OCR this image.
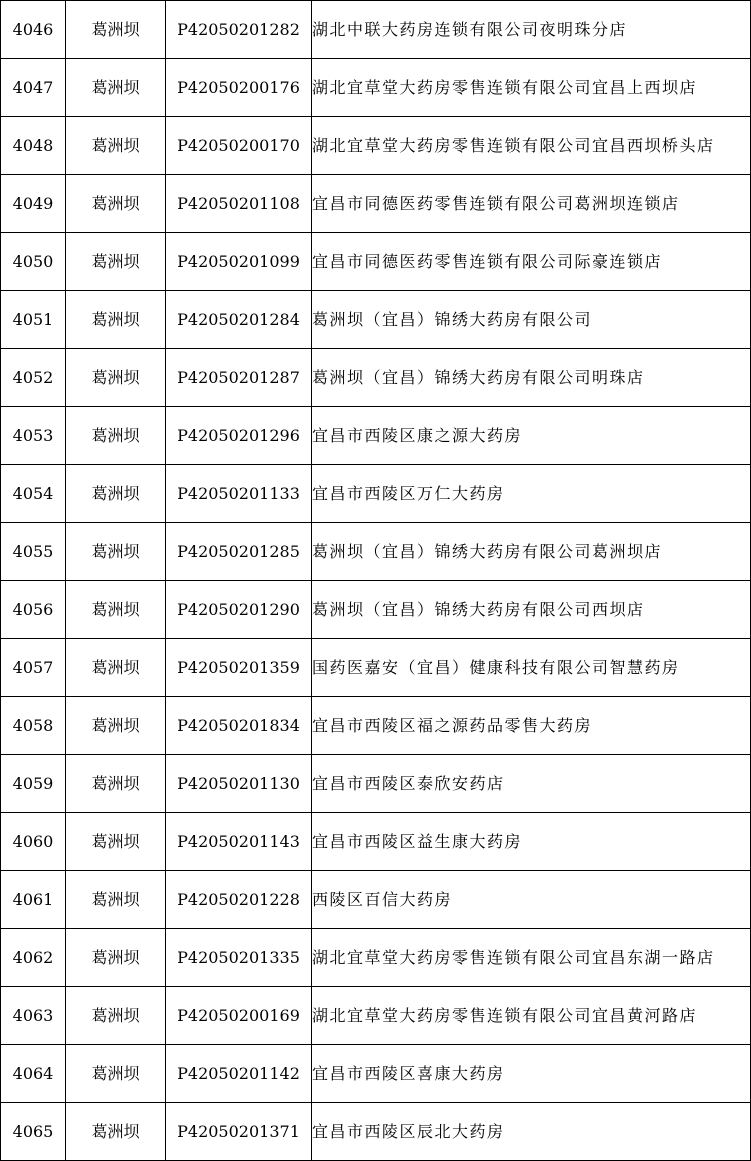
4046	葛洲坝	P42050201282	湖北中联大药房连锁有限公司夜明珠分店
4047	葛洲坝	P42050200176	湖北宜草堂大药房零售连锁有限公司宜昌上西坝店
4048	葛洲坝	P42050200170	湖北宜草堂大药房零售连锁有限公司宜昌西坝桥头店
4049	葛洲坝	P42050201108	宜昌市同德医药零售连锁有限公司葛洲坝连锁店
4050	葛洲坝	P42050201099	宜昌市同德医药零售连锁有限公司际豪连锁店
4051	葛洲坝	P42050201284	葛洲坝（宜昌）锦绣大药房有限公司
4052	葛洲坝	P42050201287	葛洲坝（宜昌）锦绣大药房有限公司明珠店
4053	葛洲坝	P42050201296	宜昌市西陵区康之源大药房
4054	葛洲坝	P42050201133	宜昌市西陵区万仁大药房
4055	葛洲坝	P42050201285	葛洲坝（宜昌）锦绣大药房有限公司葛洲坝店
4056	葛洲坝	P42050201290	葛洲坝（宜昌）锦绣大药房有限公司西坝店
4057	葛洲坝	P42050201359	国药医嘉安（宜昌）健康科技有限公司智慧药房
4058	葛洲坝	P42050201834	宜昌市西陵区福之源药品零售大药房
4059	葛洲坝	P42050201130	宜昌市西陵区泰欣安药店
4060	葛洲坝	P42050201143	宜昌市西陵区益生康大药房
4061	葛洲坝	P42050201228	西陵区百信大药房
4062	葛洲坝	P42050201335	湖北宜草堂大药房零售连锁有限公司宜昌东湖一路店
4063	葛洲坝	P42050200169	湖北宜草堂大药房零售连锁有限公司宜昌黄河路店
4064	葛洲坝	P42050201142	宜昌市西陵区喜康大药房
4065	葛洲坝	P42050201371	宜昌市西陵区辰北大药房
